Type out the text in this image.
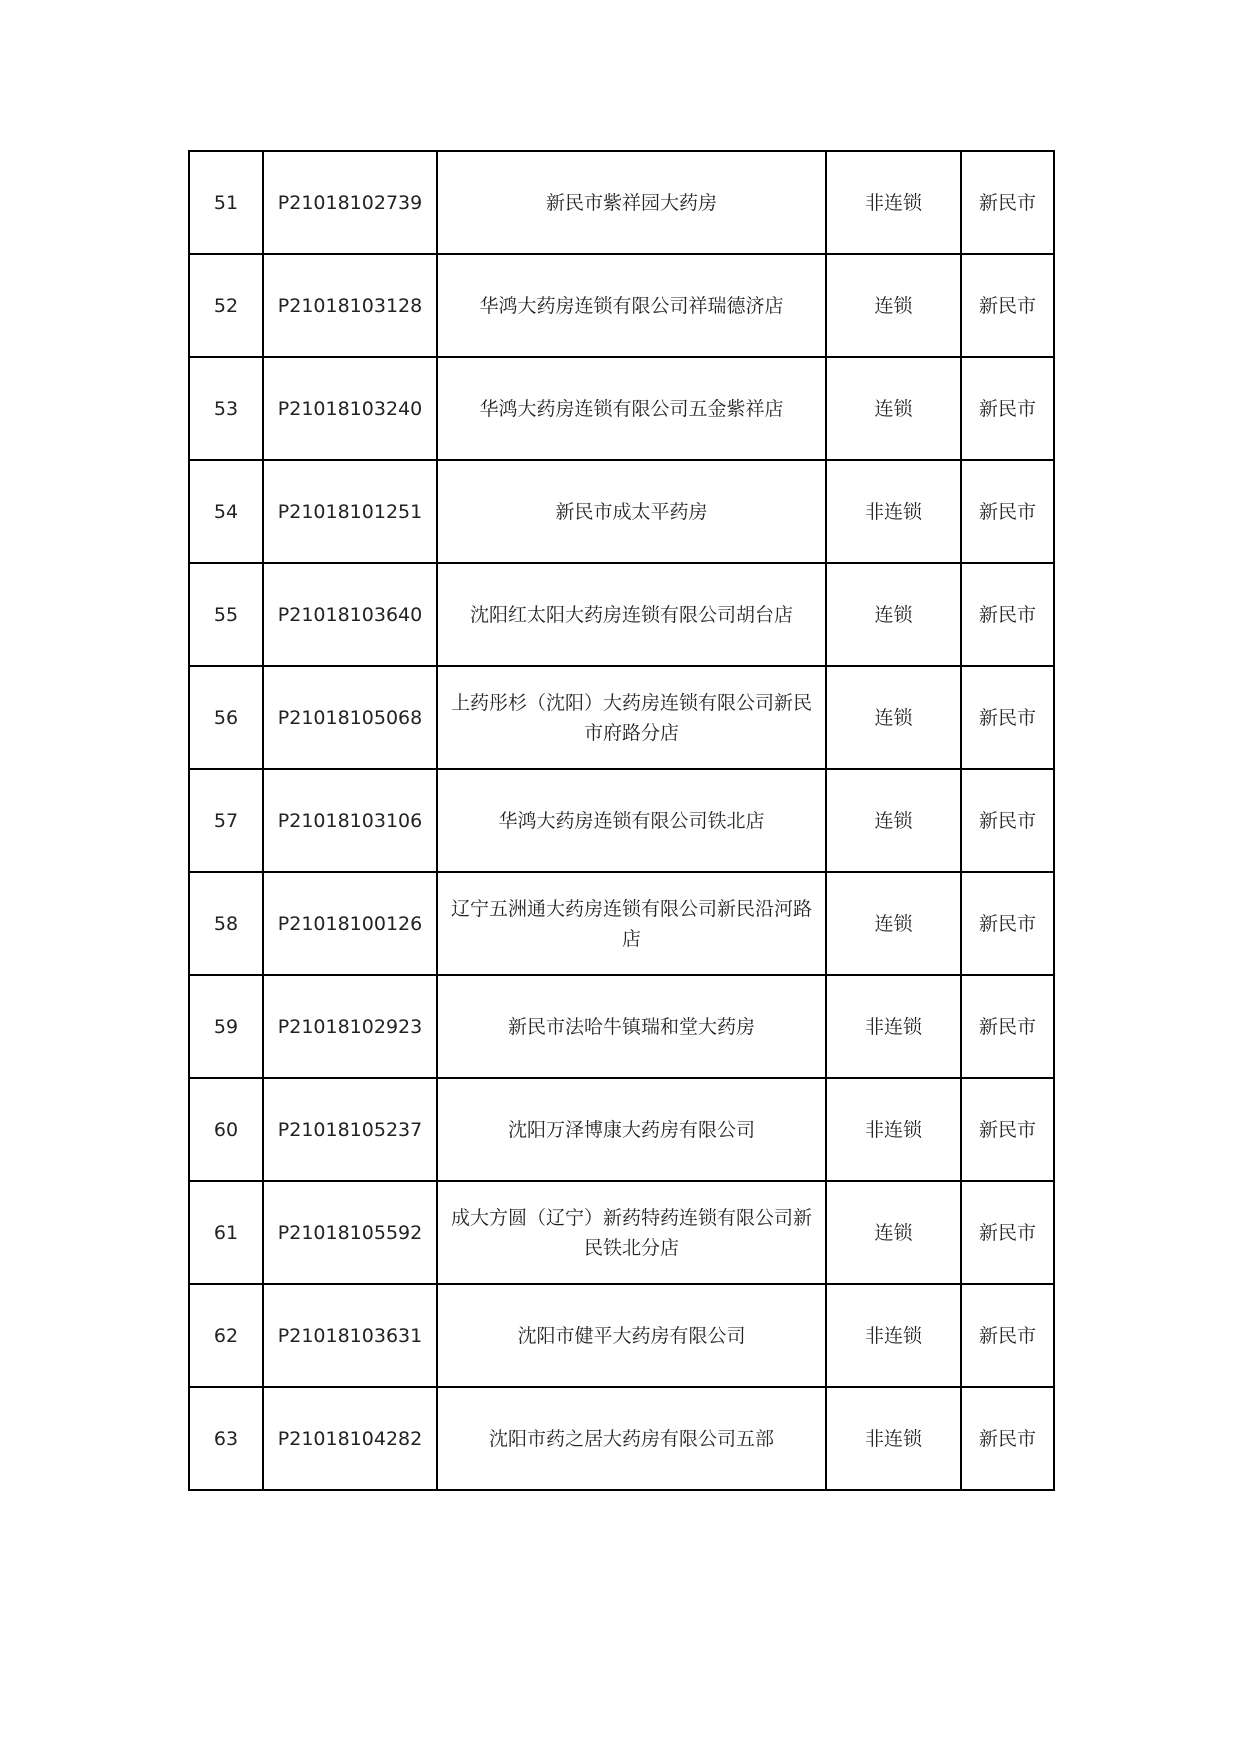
51	P21018102739	新民市紫祥园大药房	非连锁	新民市
52	P21018103128	华鸿大药房连锁有限公司祥瑞德济店	连锁	新民市
53	P21018103240	华鸿大药房连锁有限公司五金紫祥店	连锁	新民市
54	P21018101251	新民市成太平药房	非连锁	新民市
55	P21018103640	沈阳红太阳大药房连锁有限公司胡台店	连锁	新民市
56	P21018105068	上药彤杉（沈阳）大药房连锁有限公司新民市府路分店	连锁	新民市
57	P21018103106	华鸿大药房连锁有限公司铁北店	连锁	新民市
58	P21018100126	辽宁五洲通大药房连锁有限公司新民沿河路店	连锁	新民市
59	P21018102923	新民市法哈牛镇瑞和堂大药房	非连锁	新民市
60	P21018105237	沈阳万泽博康大药房有限公司	非连锁	新民市
61	P21018105592	成大方圆（辽宁）新药特药连锁有限公司新民铁北分店	连锁	新民市
62	P21018103631	沈阳市健平大药房有限公司	非连锁	新民市
63	P21018104282	沈阳市药之居大药房有限公司五部	非连锁	新民市
